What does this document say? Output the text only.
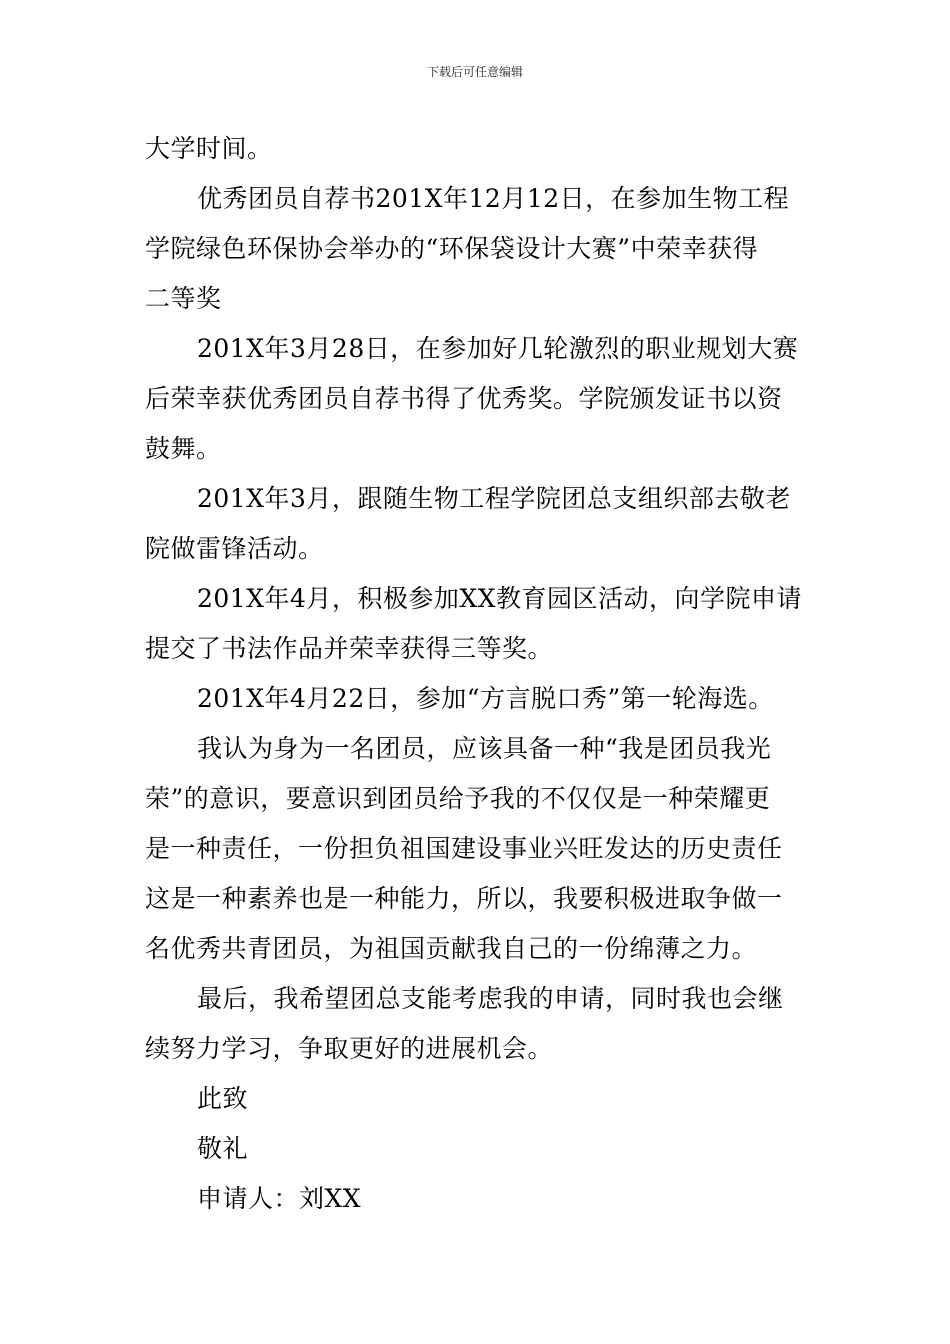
下载后可任意编辑

大学时间。

优秀团员自荐书201X年12月12日，在参加生物工程
学院绿色环保协会举办的“环保袋设计大赛”中荣幸获得
二等奖

201X年3月28日，在参加好几轮激烈的职业规划大赛
后荣幸获优秀团员自荐书得了优秀奖。学院颁发证书以资
鼓舞。

201X年3月，跟随生物工程学院团总支组织部去敬老
院做雷锋活动。

201X年4月，积极参加XX教育园区活动，向学院申请
提交了书法作品并荣幸获得三等奖。

201X年4月22日，参加“方言脱口秀”第一轮海选。

我认为身为一名团员，应该具备一种“我是团员我光
荣”的意识，要意识到团员给予我的不仅仅是一种荣耀更
是一种责任，一份担负祖国建设事业兴旺发达的历史责任
这是一种素养也是一种能力，所以，我要积极进取争做一
名优秀共青团员，为祖国贡献我自己的一份绵薄之力。

最后，我希望团总支能考虑我的申请，同时我也会继
续努力学习，争取更好的进展机会。

此致

敬礼

申请人：刘XX
